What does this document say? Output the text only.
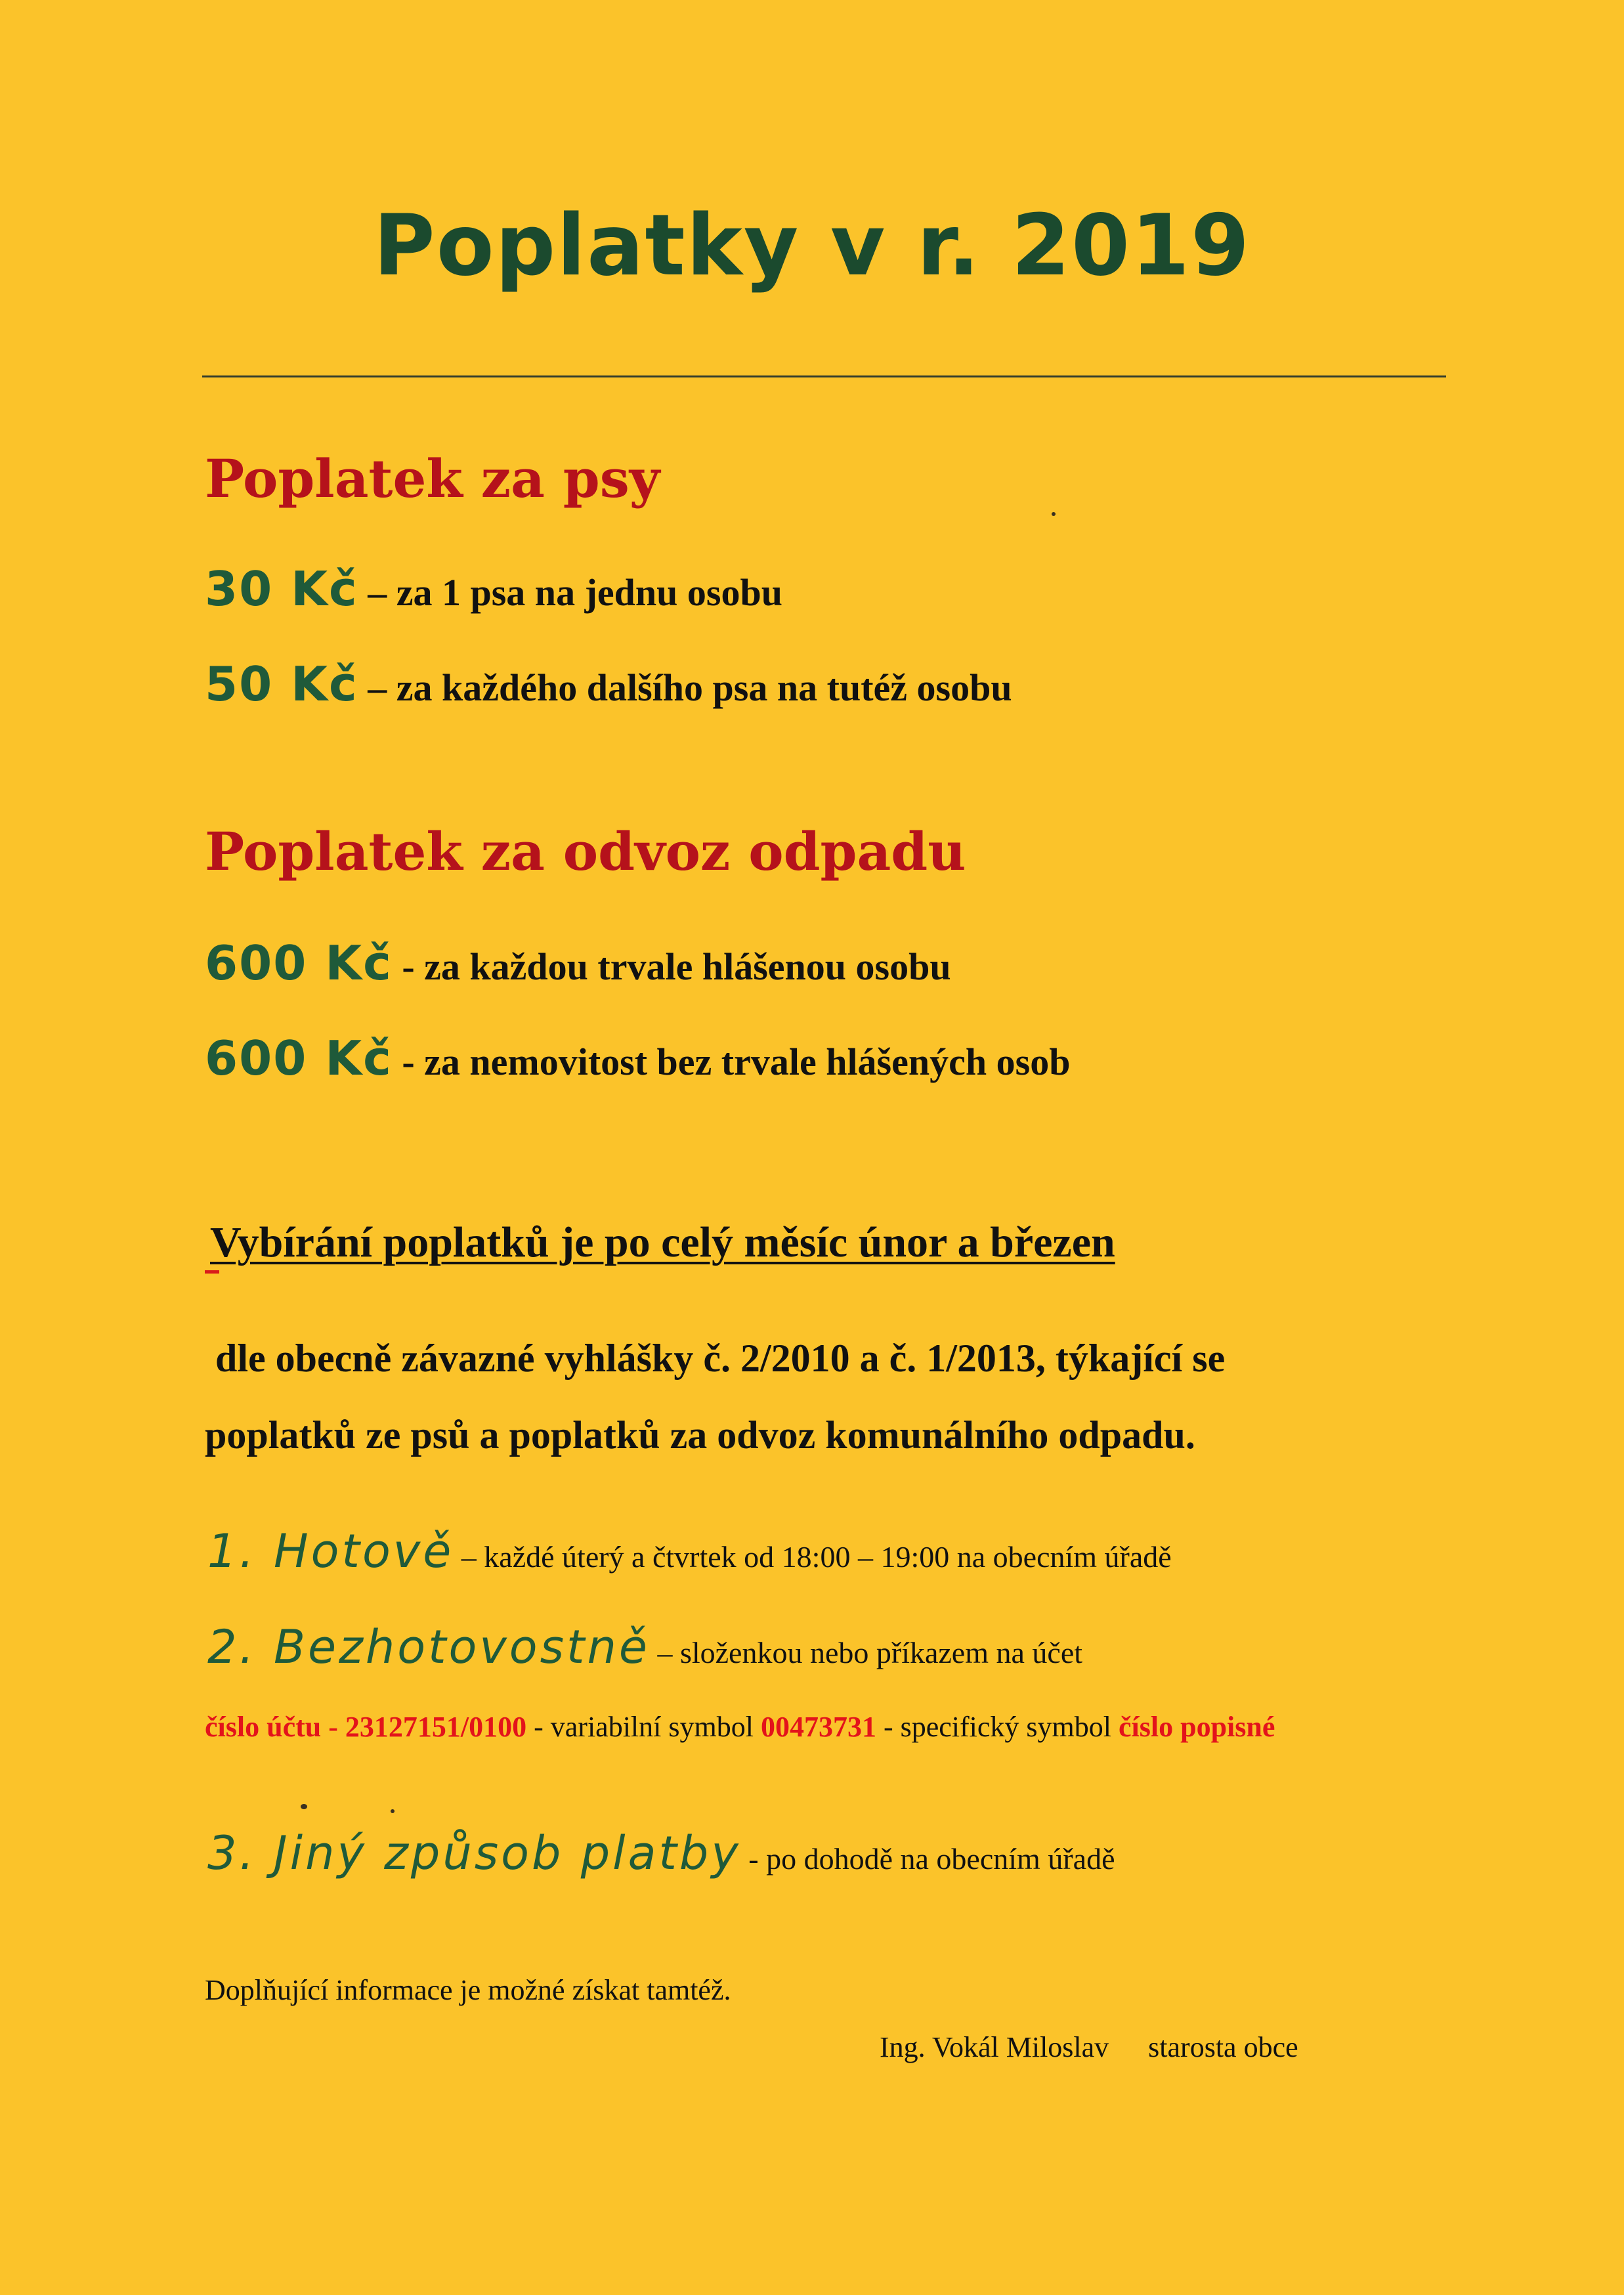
Poplatky v r. 2019
Poplatek za psy
30 Kč – za 1 psa na jednu osobu
50 Kč – za každého dalšího psa na tutéž osobu
Poplatek za odvoz odpadu
600 Kč - za každou trvale hlášenou osobu
600 Kč - za nemovitost bez trvale hlášených osob
Vybírání poplatků je po celý měsíc únor a březen
dle obecně závazné vyhlášky č. 2/2010 a č. 1/2013, týkající se
poplatků ze psů a poplatků za odvoz komunálního odpadu.
1. Hotově – každé úterý a čtvrtek od 18:00 – 19:00 na obecním úřadě
2. Bezhotovostně – složenkou nebo příkazem na účet
číslo účtu - 23127151/0100 - variabilní symbol 00473731 - specifický symbol číslo popisné
3. Jiný způsob platby - po dohodě na obecním úřadě
Doplňující informace je možné získat tamtéž.
Ing. Vokál Miloslav starosta obce
